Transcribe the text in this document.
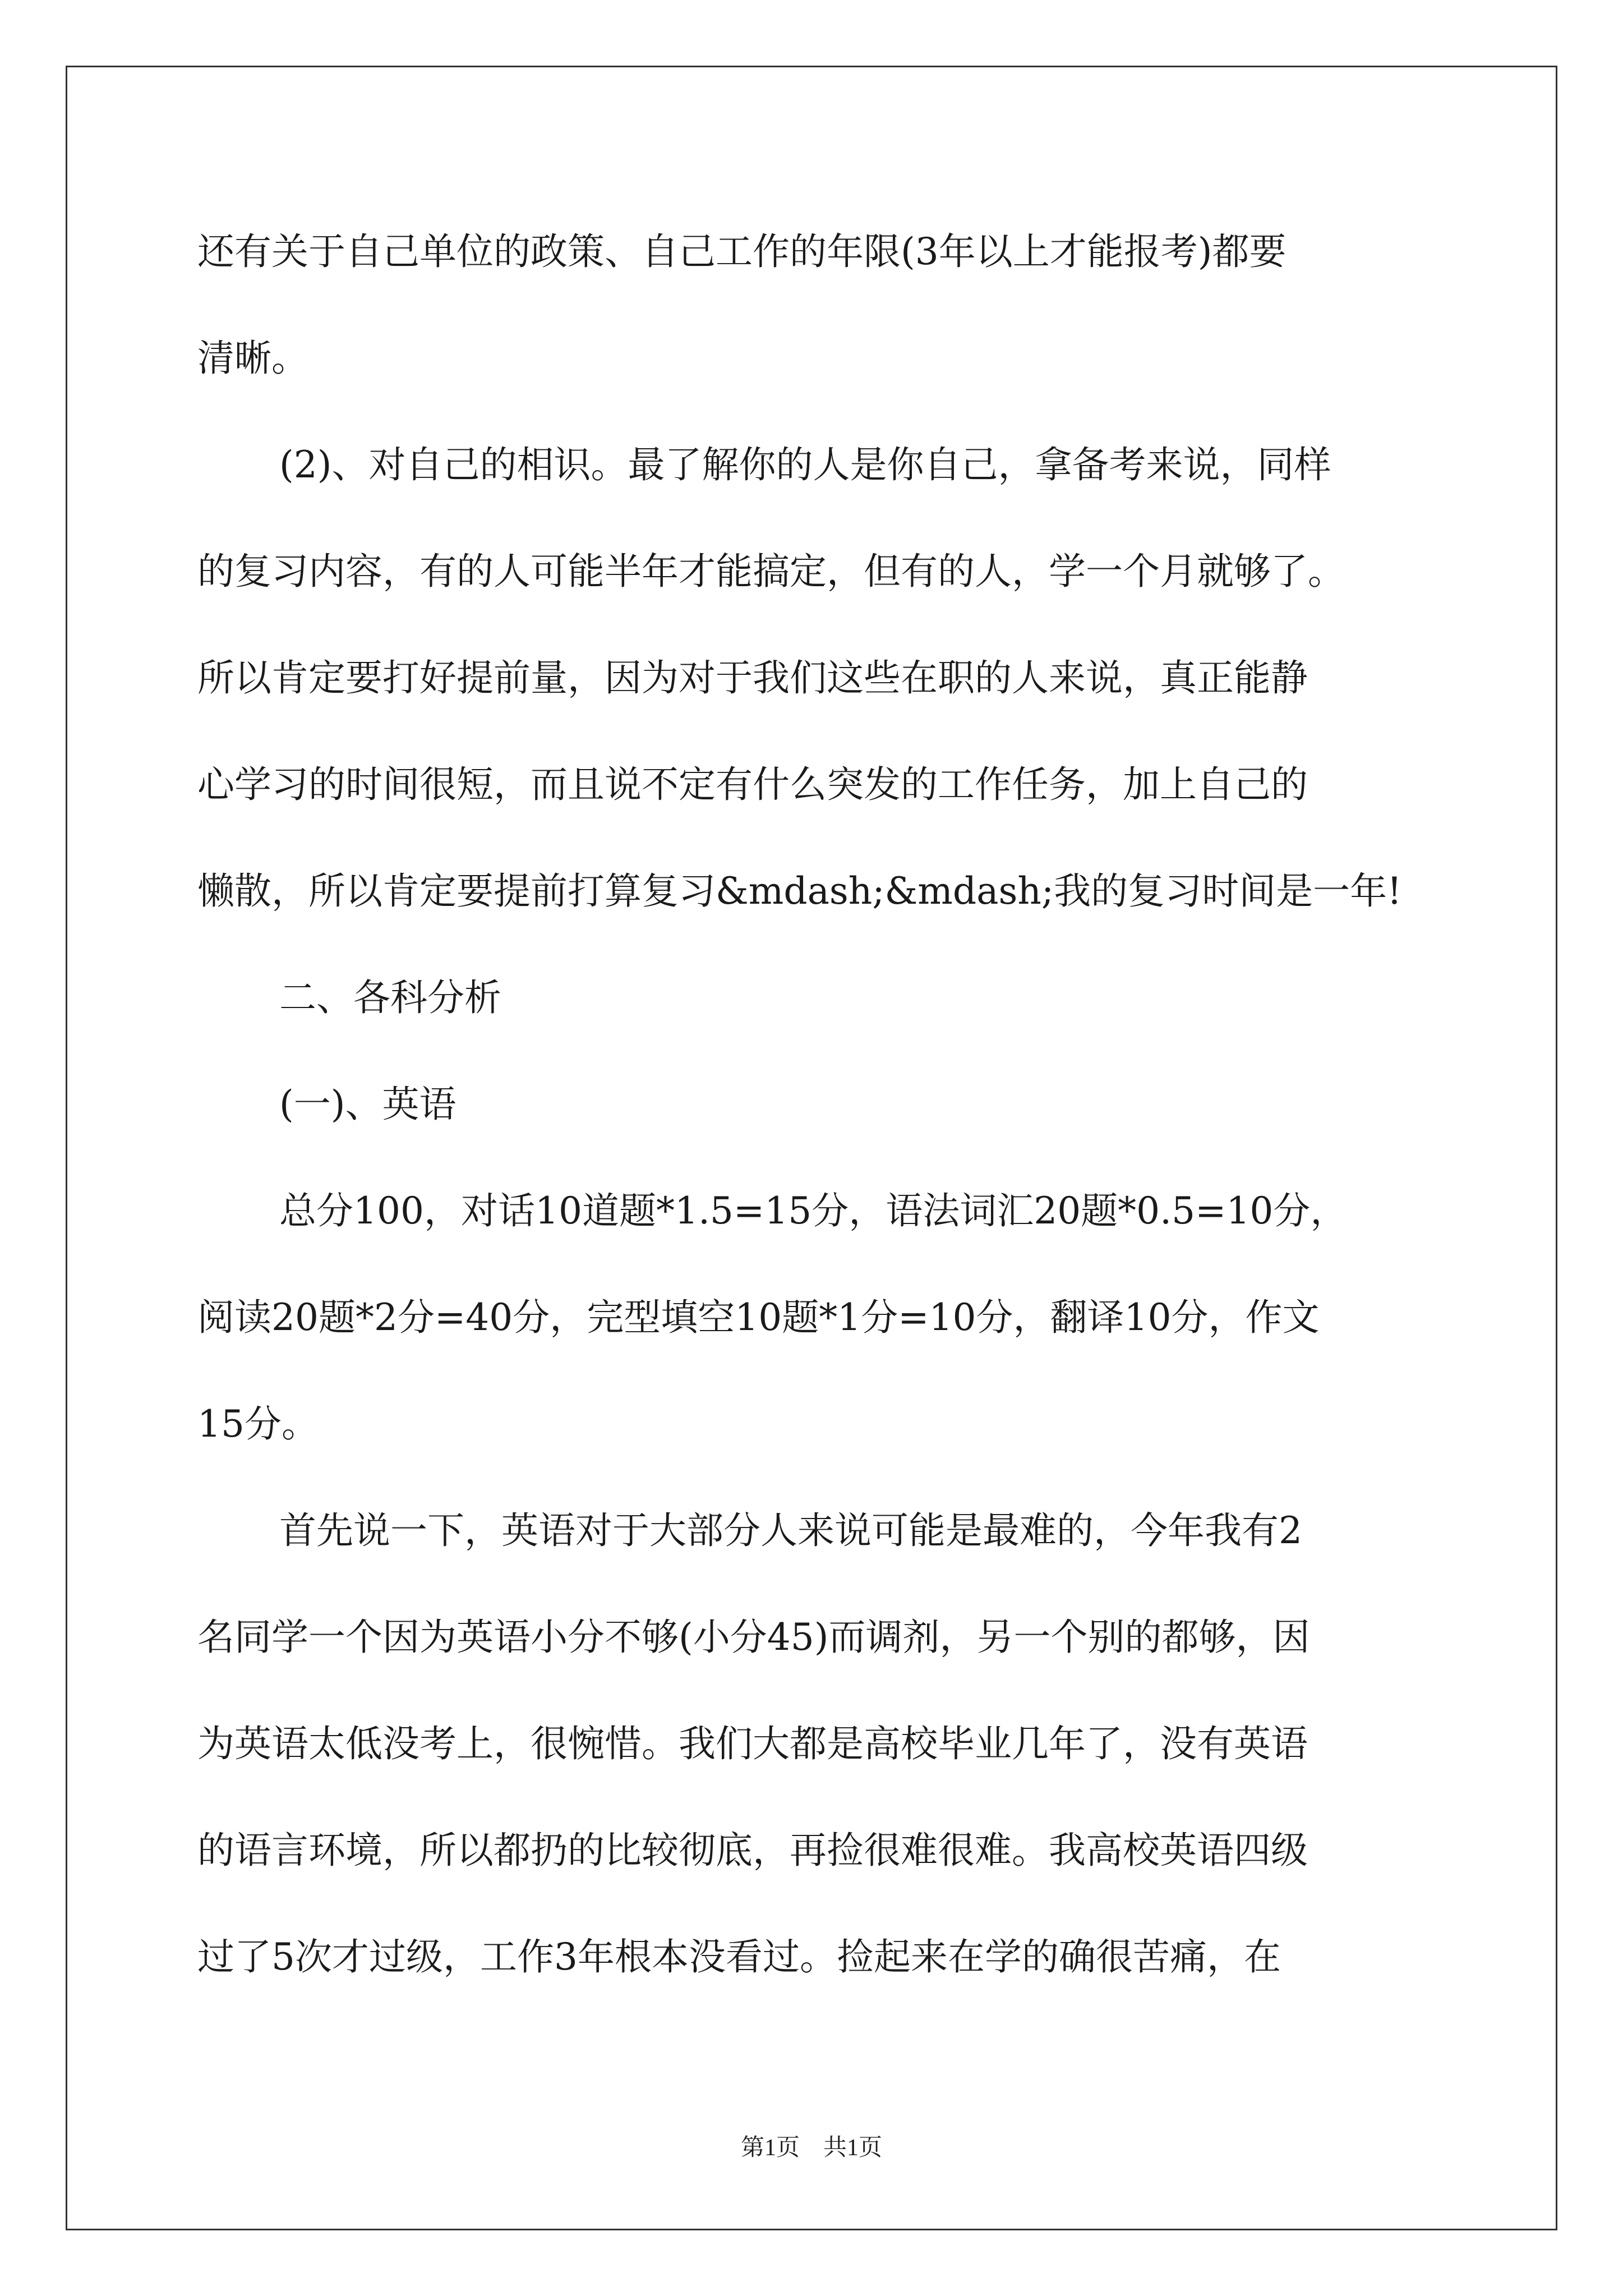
还有关于自己单位的政策、自己工作的年限(3年以上才能报考)都要
清晰。
(2)、对自己的相识。最了解你的人是你自己，拿备考来说，同样
的复习内容，有的人可能半年才能搞定，但有的人，学一个月就够了。
所以肯定要打好提前量，因为对于我们这些在职的人来说，真正能静
心学习的时间很短，而且说不定有什么突发的工作任务，加上自己的
懒散，所以肯定要提前打算复习&mdash;&mdash;我的复习时间是一年!
二、各科分析
(一)、英语
总分100，对话10道题*1.5=15分，语法词汇20题*0.5=10分，
阅读20题*2分=40分，完型填空10题*1分=10分，翻译10分，作文
15分。
首先说一下，英语对于大部分人来说可能是最难的，今年我有2
名同学一个因为英语小分不够(小分45)而调剂，另一个别的都够，因
为英语太低没考上，很惋惜。我们大都是高校毕业几年了，没有英语
的语言环境，所以都扔的比较彻底，再捡很难很难。我高校英语四级
过了5次才过级，工作3年根本没看过。捡起来在学的确很苦痛，在
第1页　共1页
